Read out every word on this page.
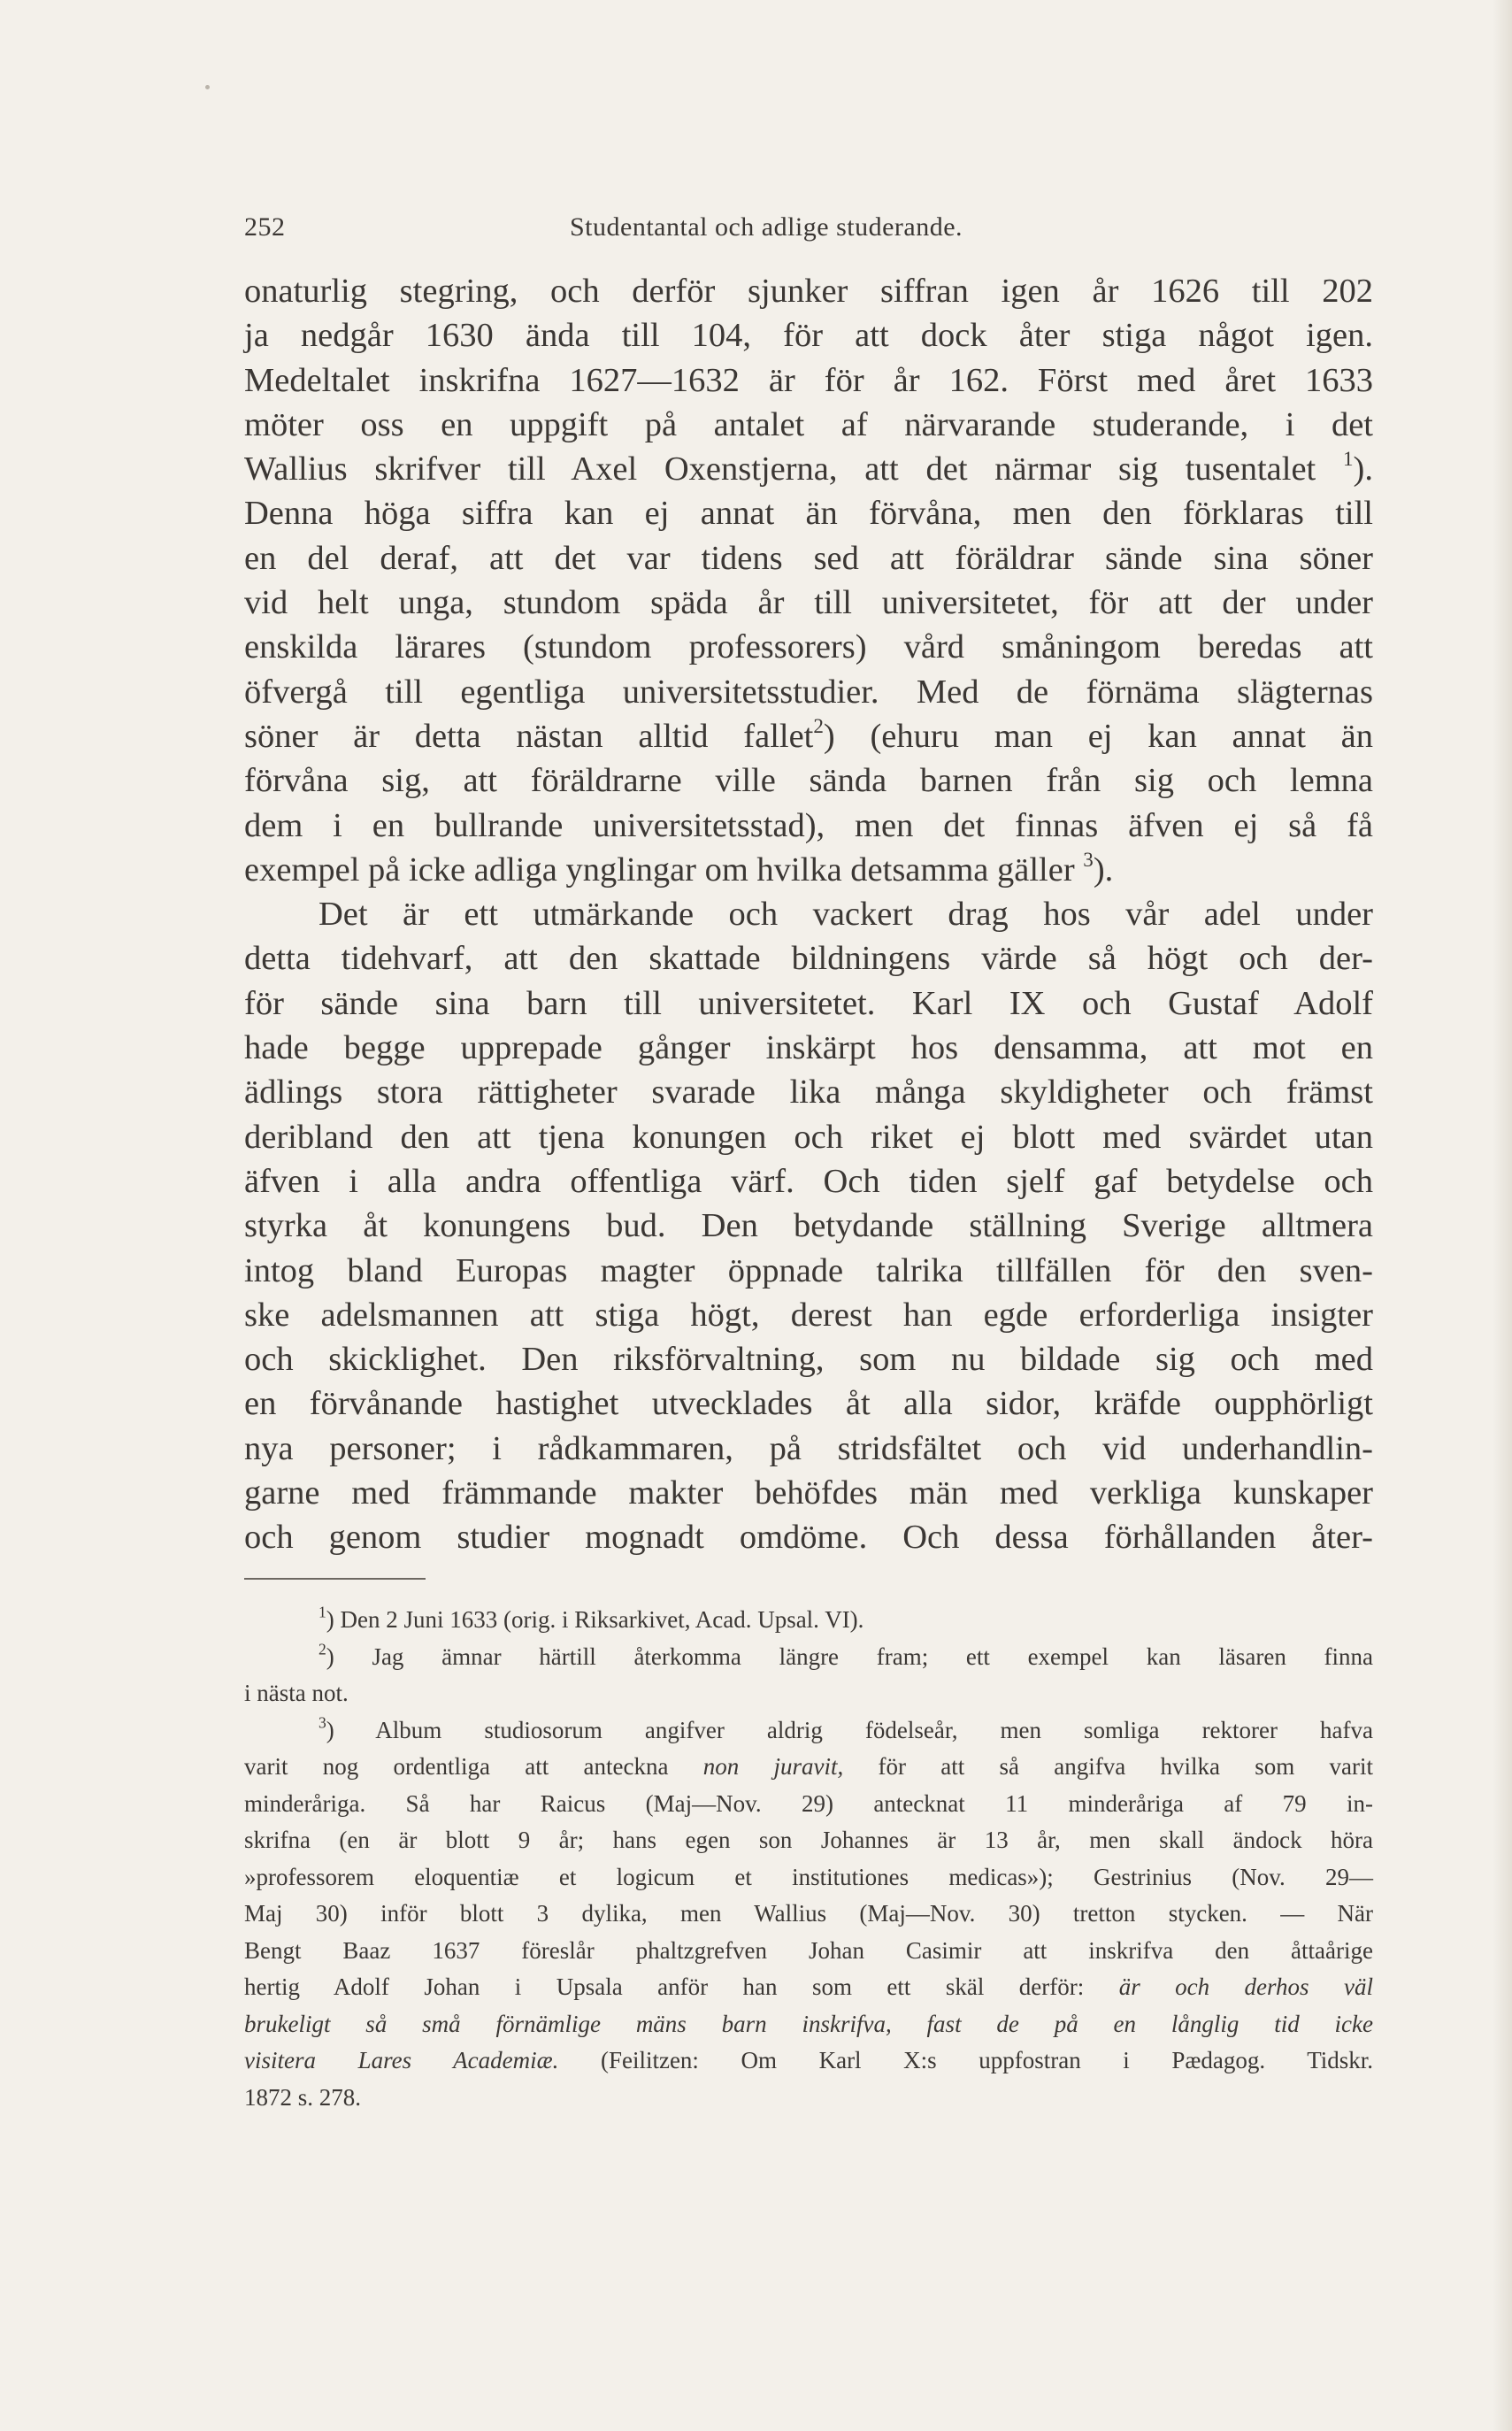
252	Studentantal och adlige studerande.
onaturlig stegring, och derför sjunker siffran igen år 1626 till 202
ja nedgår 1630 ända till 104, för att dock åter stiga något igen.
Medeltalet inskrifna 1627—1632 är för år 162. Först med året 1633
möter oss en uppgift på antalet af närvarande studerande, i det
Wallius skrifver till Axel Oxenstjerna, att det närmar sig tusentalet $^1$).
Denna höga siffra kan ej annat än förvåna, men den förklaras till
en del deraf, att det var tidens sed att föräldrar sände sina söner
vid helt unga, stundom späda år till universitetet, för att der under
enskilda lärares (stundom professorers) vård småningom beredas att
öfvergå till egentliga universitetsstudier. Med de förnäma slägternas
söner är detta nästan alltid fallet$^2$) (ehuru man ej kan annat än
förvåna sig, att föräldrarne ville sända barnen från sig och lemna
dem i en bullrande universitetsstad), men det finnas äfven ej så få
exempel på icke adliga ynglingar om hvilka detsamma gäller $^3$).
Det är ett utmärkande och vackert drag hos vår adel under
detta tidehvarf, att den skattade bildningens värde så högt och der-
för sände sina barn till universitetet. Karl IX och Gustaf Adolf
hade begge upprepade gånger inskärpt hos densamma, att mot en
ädlings stora rättigheter svarade lika många skyldigheter och främst
deribland den att tjena konungen och riket ej blott med svärdet utan
äfven i alla andra offentliga värf. Och tiden sjelf gaf betydelse och
styrka åt konungens bud. Den betydande ställning Sverige alltmera
intog bland Europas magter öppnade talrika tillfällen för den sven-
ske adelsmannen att stiga högt, derest han egde erforderliga insigter
och skicklighet. Den riksförvaltning, som nu bildade sig och med
en förvånande hastighet utvecklades åt alla sidor, kräfde oupphörligt
nya personer; i rådkammaren, på stridsfältet och vid underhandlin-
garne med främmande makter behöfdes män med verkliga kunskaper
och genom studier mognadt omdöme. Och dessa förhållanden åter-
$^1$) Den 2 Juni 1633 (orig. i Riksarkivet, Acad. Upsal. VI).
$^2$) Jag ämnar härtill återkomma längre fram; ett exempel kan läsaren finna
i nästa not.
$^3$) Album studiosorum angifver aldrig födelseår, men somliga rektorer hafva
varit nog ordentliga att anteckna non juravit, för att så angifva hvilka som varit
minderåriga. Så har Raicus (Maj—Nov. 29) antecknat 11 minderåriga af 79 in-
skrifna (en är blott 9 år; hans egen son Johannes är 13 år, men skall ändock höra
»professorem eloquentiæ et logicum et institutiones medicas»); Gestrinius (Nov. 29—
Maj 30) inför blott 3 dylika, men Wallius (Maj—Nov. 30) tretton stycken. — När
Bengt Baaz 1637 föreslår phaltzgrefven Johan Casimir att inskrifva den åttaårige
hertig Adolf Johan i Upsala anför han som ett skäl derför: är och derhos väl
brukeligt så små förnämlige mäns barn inskrifva, fast de på en långlig tid icke
visitera Lares Academiæ. (Feilitzen: Om Karl X:s uppfostran i Pædagog. Tidskr.
1872 s. 278.
